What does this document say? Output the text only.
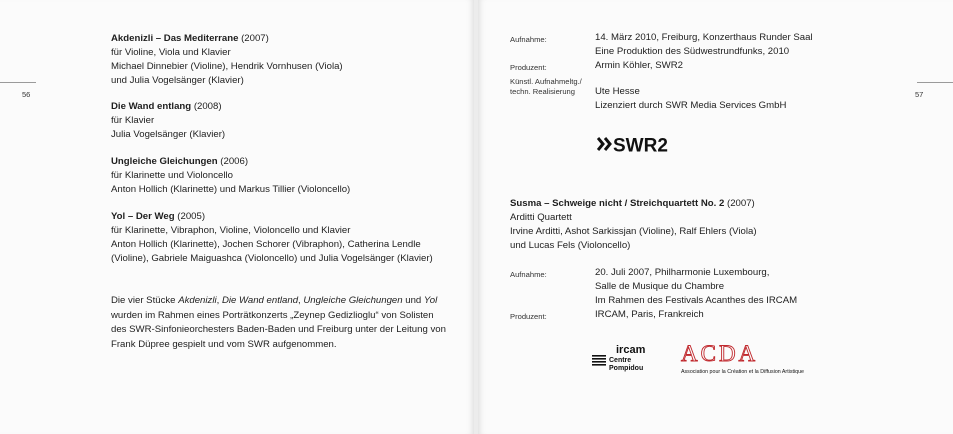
56
Akdenizli – Das Mediterrane (2007)
für Violine, Viola und Klavier
Michael Dinnebier (Violine), Hendrik Vornhusen (Viola)
und Julia Vogelsänger (Klavier)
Die Wand entlang (2008)
für Klavier
Julia Vogelsänger (Klavier)
Ungleiche Gleichungen (2006)
für Klarinette und Violoncello
Anton Hollich (Klarinette) und Markus Tillier (Violoncello)
Yol – Der Weg (2005)
für Klarinette, Vibraphon, Violine, Violoncello und Klavier
Anton Hollich (Klarinette), Jochen Schorer (Vibraphon), Catherina Lendle
(Violine), Gabriele Maiguashca (Violoncello) und Julia Vogelsänger (Klavier)
Die vier Stücke Akdenizli, Die Wand entland, Ungleiche Gleichungen und Yol
wurden im Rahmen eines Porträtkonzerts „Zeynep Gedizlioglu“ von Solisten
des SWR-Sinfonieorchesters Baden-Baden und Freiburg unter der Leitung von
Frank Düpree gespielt und vom SWR aufgenommen.
57
Aufnahme:	14. März 2010, Freiburg, Konzerthaus Runder Saal
Eine Produktion des Südwestrundfunks, 2010
Produzent:	Armin Köhler, SWR2
Künstl. Aufnahmeltg./
techn. Realisierung	Ute Hesse
Lizenziert durch SWR Media Services GmbH
SWR2
Susma – Schweige nicht / Streichquartett No. 2 (2007)
Arditti Quartett
Irvine Arditti, Ashot Sarkissjan (Violine), Ralf Ehlers (Viola)
und Lucas Fels (Violoncello)
Aufnahme:	20. Juli 2007, Philharmonie Luxembourg,
Salle de Musique du Chambre
Im Rahmen des Festivals Acanthes des IRCAM
Produzent:	IRCAM, Paris, Frankreich
ircam
Centre
Pompidou
ACDA
Association pour la Création et la Diffusion Artistique
